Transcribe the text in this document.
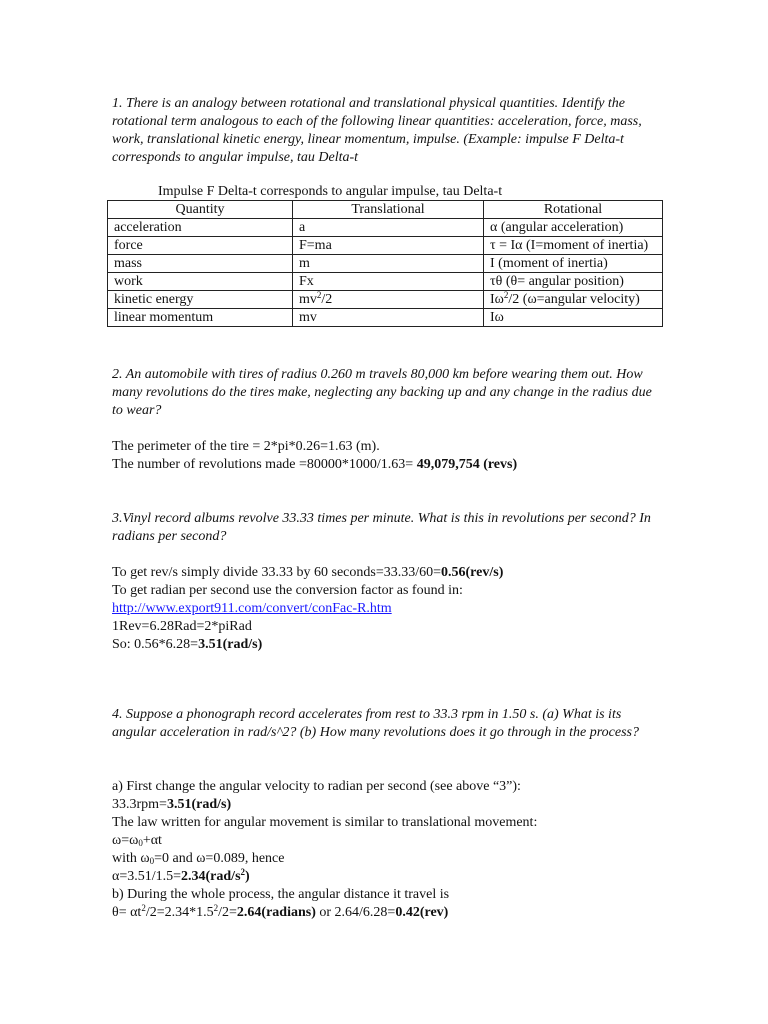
1. There is an analogy between rotational and translational physical quantities. Identify the rotational term analogous to each of the following linear quantities: acceleration, force, mass, work, translational kinetic energy, linear momentum, impulse. (Example: impulse F Delta-t corresponds to angular impulse, tau Delta-t

Impulse F Delta-t corresponds to angular impulse, tau Delta-t

Quantity	Translational	Rotational
acceleration	a	α (angular acceleration)
force	F=ma	τ = Iα (I=moment of inertia)
mass	m	I (moment of inertia)
work	Fx	τθ (θ= angular position)
kinetic energy	$mv^2/2$	$I\omega^2/2$ (ω=angular velocity)
linear momentum	mv	Iω

2. An automobile with tires of radius 0.260 m travels 80,000 km before wearing them out. How many revolutions do the tires make, neglecting any backing up and any change in the radius due to wear?

The perimeter of the tire = 2*pi*0.26=1.63 (m).

The number of revolutions made =80000*1000/1.63= 49,079,754 (revs)

3.Vinyl record albums revolve 33.33 times per minute. What is this in revolutions per second? In radians per second?

To get rev/s simply divide 33.33 by 60 seconds=33.33/60=0.56(rev/s)

To get radian per second use the conversion factor as found in:

http://www.export911.com/convert/conFac-R.htm

1Rev=6.28Rad=2*piRad

So: 0.56*6.28=3.51(rad/s)

4. Suppose a phonograph record accelerates from rest to 33.3 rpm in 1.50 s. (a) What is its angular acceleration in rad/s^2? (b) How many revolutions does it go through in the process?

a) First change the angular velocity to radian per second (see above “3”):

33.3rpm=3.51(rad/s)

The law written for angular movement is similar to translational movement:

$\omega=\omega_0+\alpha t$

with $\omega_0=0$ and ω=0.089, hence

$\alpha=3.51/1.5=2.34(rad/s^2)$

b) During the whole process, the angular distance it travel is

$\theta= \alpha t^2/2=2.34*1.5^2/2=2.64(radians)$ or 2.64/6.28=0.42(rev)
